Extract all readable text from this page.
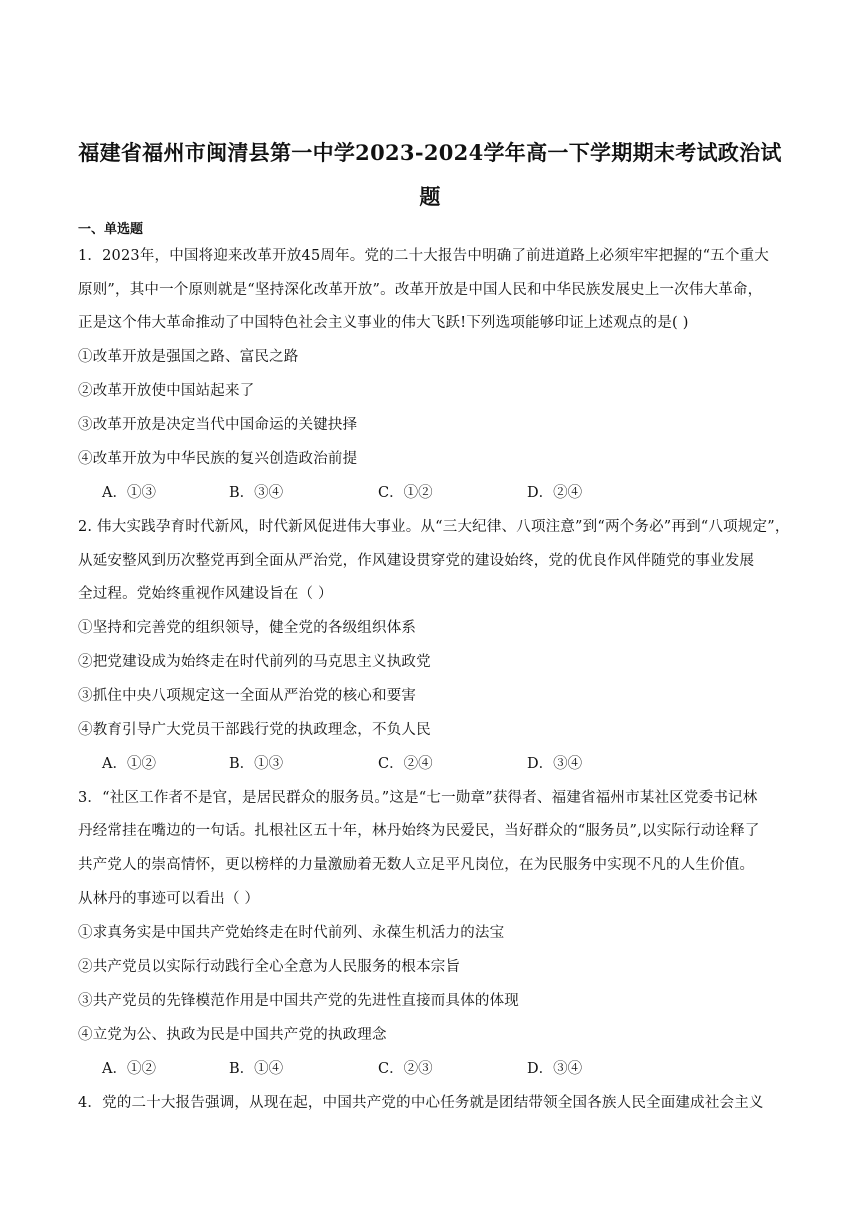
福建省福州市闽清县第一中学2023-2024学年高一下学期期末考试政治试
题
一、单选题
1．2023年，中国将迎来改革开放45周年。党的二十大报告中明确了前进道路上必须牢牢把握的“五个重大
原则”，其中一个原则就是“坚持深化改革开放”。改革开放是中国人民和中华民族发展史上一次伟大革命，
正是这个伟大革命推动了中国特色社会主义事业的伟大飞跃!下列选项能够印证上述观点的是( )
①改革开放是强国之路、富民之路
②改革开放使中国站起来了
③改革开放是决定当代中国命运的关键抉择
④改革开放为中华民族的复兴创造政治前提
A．①③	B．③④	C．①②	D．②④
2. 伟大实践孕育时代新风，时代新风促进伟大事业。从“三大纪律、八项注意”到“两个务必”再到“八项规定”，
从延安整风到历次整党再到全面从严治党，作风建设贯穿党的建设始终，党的优良作风伴随党的事业发展
全过程。党始终重视作风建设旨在（ ）
①坚持和完善党的组织领导，健全党的各级组织体系
②把党建设成为始终走在时代前列的马克思主义执政党
③抓住中央八项规定这一全面从严治党的核心和要害
④教育引导广大党员干部践行党的执政理念，不负人民
A．①②	B．①③	C．②④	D．③④
3．“社区工作者不是官，是居民群众的服务员。”这是“七一勋章”获得者、福建省福州市某社区党委书记林
丹经常挂在嘴边的一句话。扎根社区五十年，林丹始终为民爱民，当好群众的“服务员”,以实际行动诠释了
共产党人的崇高情怀，更以榜样的力量激励着无数人立足平凡岗位，在为民服务中实现不凡的人生价值。
从林丹的事迹可以看出（ ）
①求真务实是中国共产党始终走在时代前列、永葆生机活力的法宝
②共产党员以实际行动践行全心全意为人民服务的根本宗旨
③共产党员的先锋模范作用是中国共产党的先进性直接而具体的体现
④立党为公、执政为民是中国共产党的执政理念
A．①②	B．①④	C．②③	D．③④
4．党的二十大报告强调，从现在起，中国共产党的中心任务就是团结带领全国各族人民全面建成社会主义
